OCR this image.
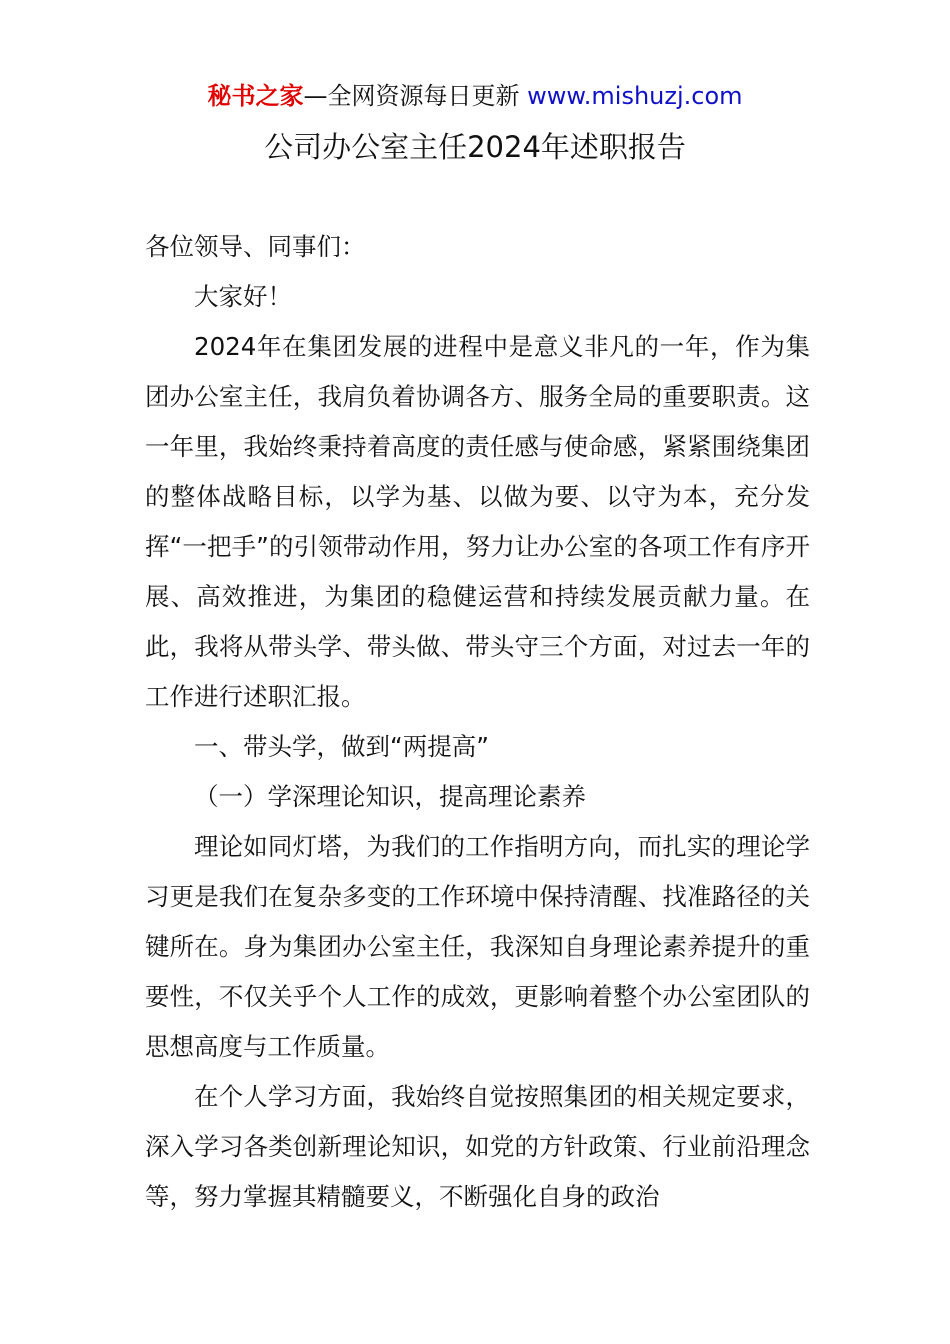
秘书之家—全网资源每日更新 www.mishuzj.com
公司办公室主任2024年述职报告

各位领导、同事们：

大家好！

2024年在集团发展的进程中是意义非凡的一年，作为集团办公室主任，我肩负着协调各方、服务全局的重要职责。这一年里，我始终秉持着高度的责任感与使命感，紧紧围绕集团的整体战略目标，以学为基、以做为要、以守为本，充分发挥“一把手”的引领带动作用，努力让办公室的各项工作有序开展、高效推进，为集团的稳健运营和持续发展贡献力量。在此，我将从带头学、带头做、带头守三个方面，对过去一年的工作进行述职汇报。

一、带头学，做到“两提高”

（一）学深理论知识，提高理论素养

理论如同灯塔，为我们的工作指明方向，而扎实的理论学习更是我们在复杂多变的工作环境中保持清醒、找准路径的关键所在。身为集团办公室主任，我深知自身理论素养提升的重要性，不仅关乎个人工作的成效，更影响着整个办公室团队的思想高度与工作质量。

在个人学习方面，我始终自觉按照集团的相关规定要求，深入学习各类创新理论知识，如党的方针政策、行业前沿理念等，努力掌握其精髓要义，不断强化自身的政治
